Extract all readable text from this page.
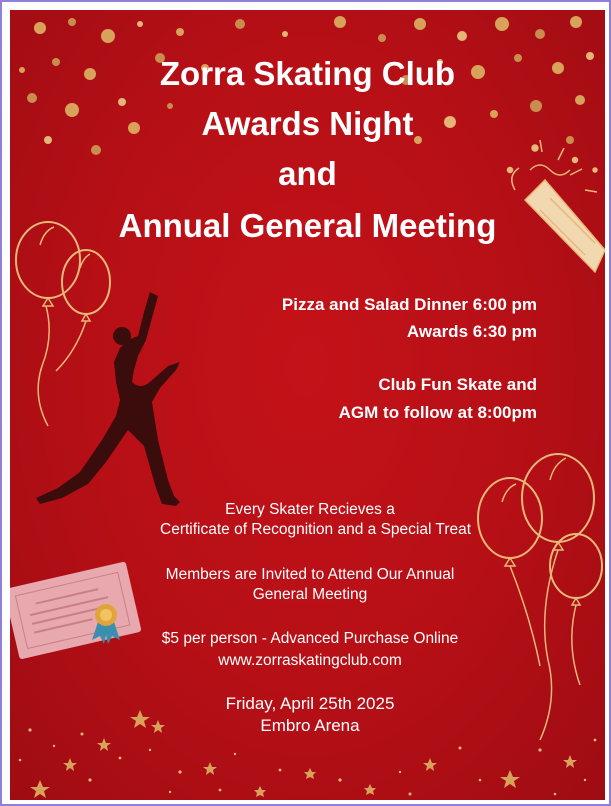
Zorra Skating Club
Awards Night
and
Annual General Meeting
Pizza and Salad Dinner 6:00 pm
Awards 6:30 pm
Club Fun Skate and
AGM to follow at 8:00pm
Every Skater Recieves a
Certificate of Recognition and a Special Treat
Members are Invited to Attend Our Annual
General Meeting
$5 per person - Advanced Purchase Online
www.zorraskatingclub.com
Friday, April 25th 2025
Embro Arena
